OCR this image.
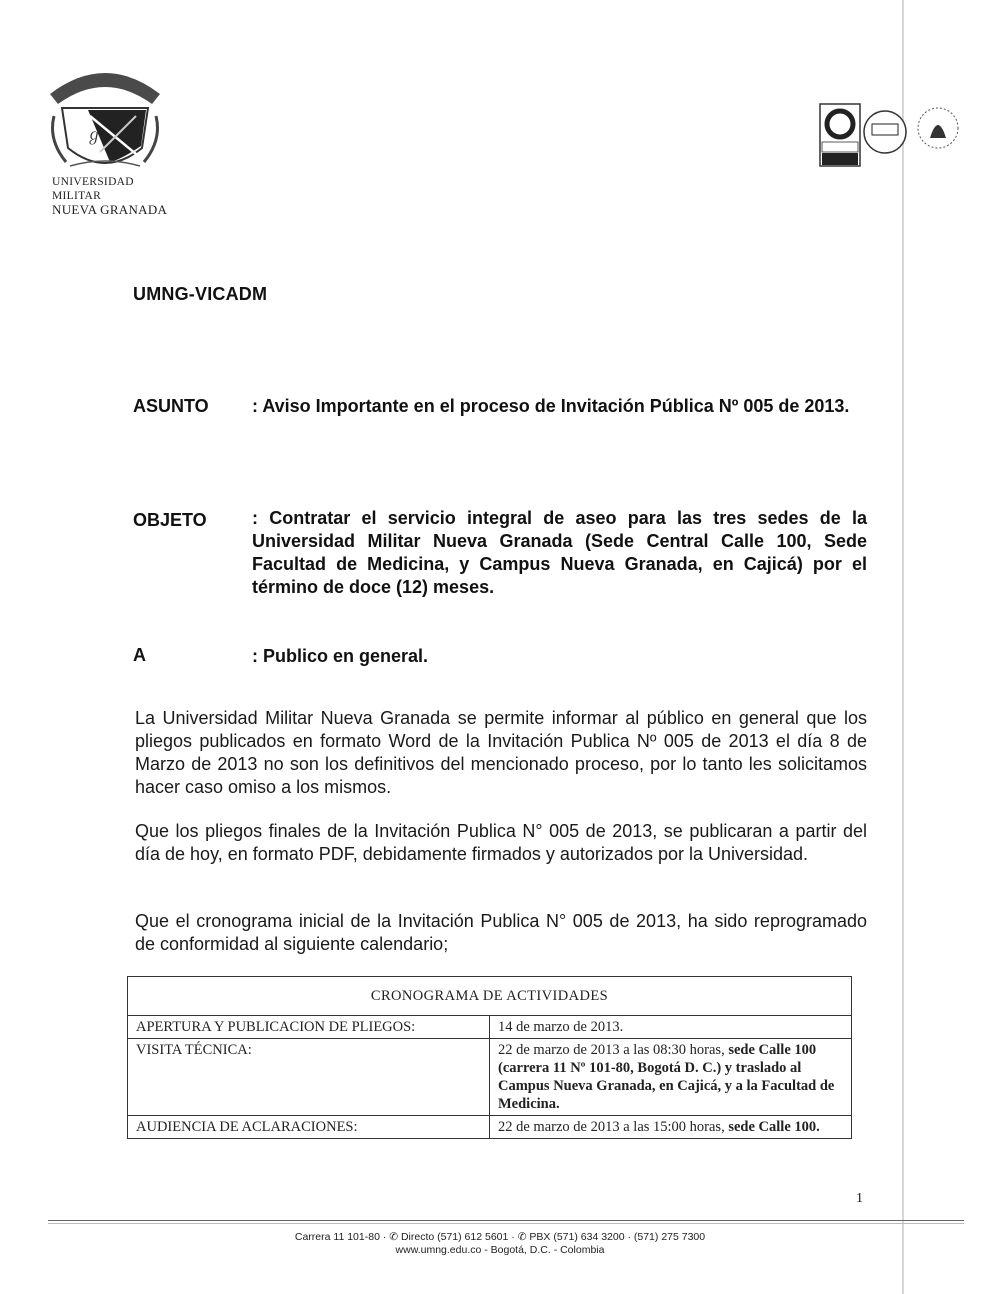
ℊ
UNIVERSIDAD MILITAR
NUEVA GRANADA
UMNG-VICADM
ASUNTO : Aviso Importante en el proceso de Invitación Pública Nº 005 de 2013.
OBJETO	: Contratar el servicio integral de aseo para las tres sedes de la Universidad Militar Nueva Granada (Sede Central Calle 100, Sede Facultad de Medicina, y Campus Nueva Granada, en Cajicá) por el término de doce (12) meses.
A	: Publico en general.
La Universidad Militar Nueva Granada se permite informar al público en general que los pliegos publicados en formato Word de la Invitación Publica Nº 005 de 2013 el día 8 de Marzo de 2013 no son los definitivos del mencionado proceso, por lo tanto les solicitamos hacer caso omiso a los mismos.
Que los pliegos finales de la Invitación Publica N° 005 de 2013, se publicaran a partir del día de hoy, en formato PDF, debidamente firmados y autorizados por la Universidad.
Que el cronograma inicial de la Invitación Publica N° 005 de 2013, ha sido reprogramado de conformidad al siguiente calendario;
CRONOGRAMA DE ACTIVIDADES	
APERTURA Y PUBLICACION DE PLIEGOS:	14 de marzo de 2013.
VISITA TÉCNICA:	22 de marzo de 2013 a las 08:30 horas, sede Calle 100 (carrera 11 Nº 101-80, Bogotá D. C.) y traslado al Campus Nueva Granada, en Cajicá, y a la Facultad de Medicina.
AUDIENCIA DE ACLARACIONES:	22 de marzo de 2013 a las 15:00 horas, sede Calle 100.
1
Carrera 11 101-80 · ✆ Directo (571) 612 5601 · ✆ PBX (571) 634 3200 · (571) 275 7300
www.umng.edu.co - Bogotá, D.C. - Colombia
